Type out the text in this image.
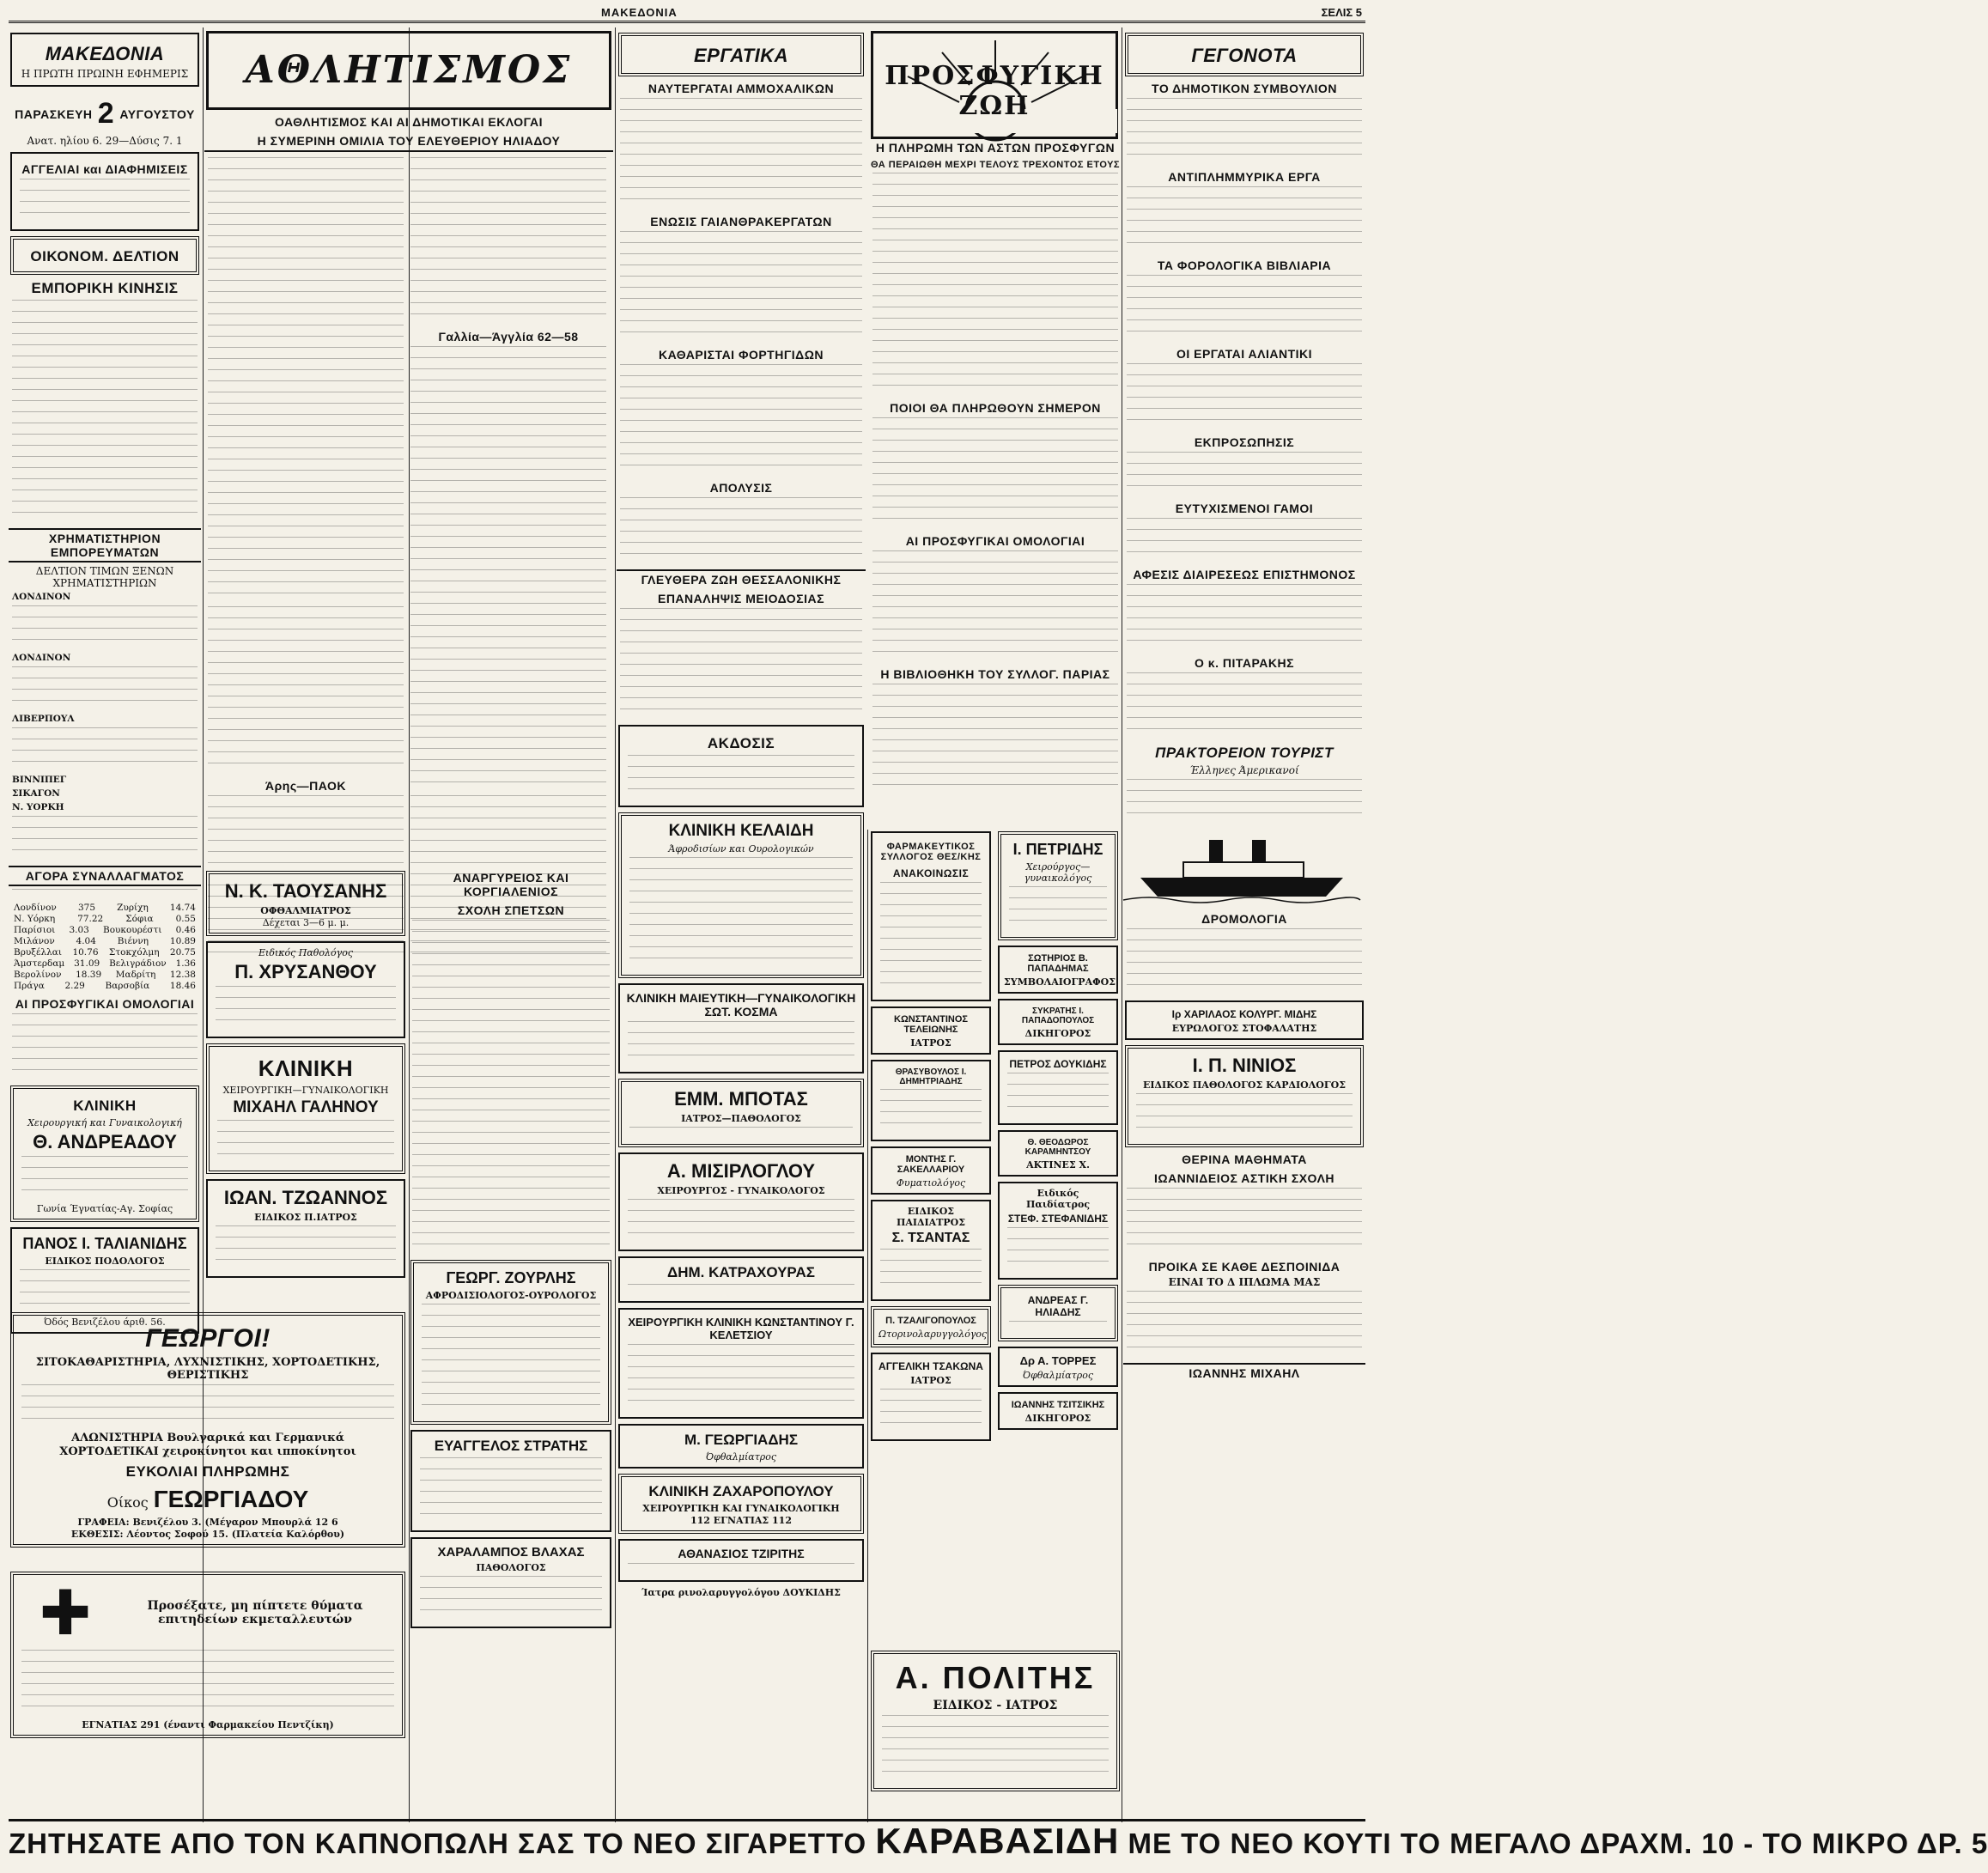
ΜΑΚΕΔΟΝΙΑ	ΣΕΛΙΣ 5
ΜΑΚΕΔΟΝΙΑ
Η ΠΡΩΤΗ ΠΡΩΙΝΗ ΕΦΗΜΕΡΙΣ
ΠΑΡΑΣΚΕΥΗ 2 ΑΥΓΟΥΣΤΟΥ
Ανατ. ηλίου 6. 29—Δύσις 7. 1
ΑΓΓΕΛΙΑΙ και ΔΙΑΦΗΜΙΣΕΙΣ
ΟΙΚΟΝΟΜ. ΔΕΛΤΙΟΝ
ΕΜΠΟΡΙΚΗ ΚΙΝΗΣΙΣ
ΧΡΗΜΑΤΙΣΤΗΡΙΟΝ ΕΜΠΟΡΕΥΜΑΤΩΝ
ΔΕΛΤΙΟΝ ΤΙΜΩΝ ΞΕΝΩΝ ΧΡΗΜΑΤΙΣΤΗΡΙΩΝ
ΛΟΝΔΙΝΟΝ
ΛΟΝΔΙΝΟΝ
ΛΙΒΕΡΠΟΥΛ
ΒΙΝΝΙΠΕΓ
ΣΙΚΑΓΟΝ
Ν. ΥΟΡΚΗ
ΑΓΟΡΑ ΣΥΝΑΛΛΑΓΜΑΤΟΣ
Λονδίνον 375 Ζυρίχη 14.74
Ν. Υόρκη 77.22 Σόφια 0.55
Παρίσιοι 3.03 Βουκουρέστι 0.46
Μιλάνον 4.04 Βιέννη 10.89
Βρυξέλλαι 10.76 Στοκχόλμη 20.75
Άμστερδαμ 31.09 Βελιγράδιον 1.36
Βερολίνον 18.39 Μαδρίτη 12.38
Πράγα 2.29 Βαρσοβία 18.46
ΑΙ ΠΡΟΣΦΥΓΙΚΑΙ ΟΜΟΛΟΓΙΑΙ
ΚΛΙΝΙΚΗ
Χειρουργική και Γυναικολογική
Θ. ΑΝΔΡΕΑΔΟΥ
Γωνία Έγνατίας-Αγ. Σοφίας
ΠΑΝΟΣ Ι. ΤΑΛΙΑΝΙΔΗΣ
ΕΙΔΙΚΟΣ ΠΟΔΟΛΟΓΟΣ
Όδός Βενιζέλου άριθ. 56.
ΑΘΛΗΤΙΣΜΟΣ
ΟΑΘΛΗΤΙΣΜΟΣ ΚΑΙ ΑΙ ΔΗΜΟΤΙΚΑΙ ΕΚΛΟΓΑΙ
Η ΣΥΜΕΡΙΝΗ ΟΜΙΛΙΑ ΤΟΥ ΕΛΕΥΘΕΡΙΟΥ ΗΛΙΑΔΟΥ
Άρης—ΠΑΟΚ
Γαλλία—Άγγλία 62—58
Ν. Κ. ΤΑΟΥΣΑΝΗΣ
ΟΦΘΑΛΜΙΑΤΡΟΣ
Δέχεται 3—6 μ. μ.
Ειδικός Παθολόγος
Π. ΧΡΥΣΑΝΘΟΥ
ΚΛΙΝΙΚΗ
ΧΕΙΡΟΥΡΓΙΚΗ—ΓΥΝΑΙΚΟΛΟΓΙΚΗ
ΜΙΧΑΗΛ ΓΑΛΗΝΟΥ
ΙΩΑΝ. ΤΖΩΑΝΝΟΣ
ΕΙΔΙΚΟΣ Π.ΙΑΤΡΟΣ
ΑΝΑΡΓΥΡΕΙΟΣ ΚΑΙ ΚΟΡΓΙΑΛΕΝΙΟΣ
ΣΧΟΛΗ ΣΠΕΤΣΩΝ
ΓΕΩΡΓ. ΖΟΥΡΛΗΣ
ΑΦΡΟΔΙΣΙΟΛΟΓΟΣ-ΟΥΡΟΛΟΓΟΣ
ΕΥΑΓΓΕΛΟΣ ΣΤΡΑΤΗΣ
ΧΑΡΑΛΑΜΠΟΣ ΒΛΑΧΑΣ
ΠΑΘΟΛΟΓΟΣ
ΓΕΩΡΓΟΙ!
ΣΙΤΟΚΑΘΑΡΙΣΤΗΡΙΑ, ΛΥΧΝΙΣΤΙΚΗΣ, ΧΟΡΤΟΔΕΤΙΚΗΣ, ΘΕΡΙΣΤΙΚΗΣ
ΑΛΩΝΙΣΤΗΡΙΑ Βουλγαρικά και Γερμανικά
ΧΟΡΤΟΔΕΤΙΚΑΙ χειροκίνητοι και ιπποκίνητοι
ΕΥΚΟΛΙΑΙ ΠΛΗΡΩΜΗΣ
Οίκος ΓΕΩΡΓΙΑΔΟΥ
ΓΡΑΦΕΙΑ: Βενιζέλου 3. (Μέγαρον Μπουρλά 12 6
ΕΚΘΕΣΙΣ: Λέοντος Σοφού 15. (Πλατεία Καλόρθου)
✚	Προσέξατε, μη πίπτετε θύματα επιτηδείων εκμεταλλευτών
ΕΓΝΑΤΙΑΣ 291 (έναντι Φαρμακείου Πεντζίκη)
ΕΡΓΑΤΙΚΑ
ΝΑΥΤΕΡΓΑΤΑΙ ΑΜΜΟΧΑΛΙΚΩΝ
ΕΝΩΣΙΣ ΓΑΙΑΝΘΡΑΚΕΡΓΑΤΩΝ
ΚΑΘΑΡΙΣΤΑΙ ΦΟΡΤΗΓΙΔΩΝ
ΑΠΟΛΥΣΙΣ
ΓΛΕΥΘΕΡΑ ΖΩΗ ΘΕΣΣΑΛΟΝΙΚΗΣ
ΕΠΑΝΑΛΗΨΙΣ ΜΕΙΟΔΟΣΙΑΣ
ΑΚΔΟΣΙΣ
ΚΛΙΝΙΚΗ ΚΕΛΑΙΔΗ
Άφροδισίων και Ουρολογικών
ΚΛΙΝΙΚΗ ΜΑΙΕΥΤΙΚΗ—ΓΥΝΑΙΚΟΛΟΓΙΚΗ ΣΩΤ. ΚΟΣΜΑ
ΕΜΜ. ΜΠΟΤΑΣ
ΙΑΤΡΟΣ—ΠΑΘΟΛΟΓΟΣ
Α. ΜΙΣΙΡΛΟΓΛΟΥ
ΧΕΙΡΟΥΡΓΟΣ - ΓΥΝΑΙΚΟΛΟΓΟΣ
ΔΗΜ. ΚΑΤΡΑΧΟΥΡΑΣ
ΧΕΙΡΟΥΡΓΙΚΗ ΚΛΙΝΙΚΗ ΚΩΝΣΤΑΝΤΙΝΟΥ Γ. ΚΕΛΕΤΣΙΟΥ
Μ. ΓΕΩΡΓΙΑΔΗΣ
Όφθαλμίατρος
ΚΛΙΝΙΚΗ ΖΑΧΑΡΟΠΟΥΛΟΥ
ΧΕΙΡΟΥΡΓΙΚΗ ΚΑΙ ΓΥΝΑΙΚΟΛΟΓΙΚΗ
112 ΕΓΝΑΤΙΑΣ 112
ΑΘΑΝΑΣΙΟΣ ΤΖΙΡΙΤΗΣ
Ίατρα ρινολαρυγγολόγου ΔΟΥΚΙΔΗΣ
ΠΡΟΣΦΥΓΙΚΗ ΖΩΗ
Η ΠΛΗΡΩΜΗ ΤΩΝ ΑΣΤΩΝ ΠΡΟΣΦΥΓΩΝ
ΘΑ ΠΕΡΑΙΩΘΗ ΜΕΧΡΙ ΤΕΛΟΥΣ ΤΡΕΧΟΝΤΟΣ ΕΤΟΥΣ
ΠΟΙΟΙ ΘΑ ΠΛΗΡΩΘΟΥΝ ΣΗΜΕΡΟΝ
ΑΙ ΠΡΟΣΦΥΓΙΚΑΙ ΟΜΟΛΟΓΙΑΙ
Η ΒΙΒΛΙΟΘΗΚΗ ΤΟΥ ΣΥΛΛΟΓ. ΠΑΡΙΑΣ
ΦΑΡΜΑΚΕΥΤΙΚΟΣ ΣΥΛΛΟΓΟΣ ΘΕΣ/ΚΗΣ
ΑΝΑΚΟΙΝΩΣΙΣ
ΚΩΝΣΤΑΝΤΙΝΟΣ ΤΕΛΕΙΩΝΗΣ
ΙΑΤΡΟΣ
ΘΡΑΣΥΒΟΥΛΟΣ Ι. ΔΗΜΗΤΡΙΑΔΗΣ
ΜΟΝΤΗΣ Γ. ΣΑΚΕΛΛΑΡΙΟΥ
Φυματιολόγος
ΕΙΔΙΚΟΣ ΠΑΙΔΙΑΤΡΟΣ
Σ. ΤΣΑΝΤΑΣ
Π. ΤΖΑΛΙΓΟΠΟΥΛΟΣ
Ωτορινολαρυγγολόγος
ΑΓΓΕΛΙΚΗ ΤΣΑΚΩΝΑ
ΙΑΤΡΟΣ
Ι. ΠΕΤΡΙΔΗΣ
Χειρούργος—γυναικολόγος
ΣΩΤΗΡΙΟΣ Β. ΠΑΠΑΔΗΜΑΣ
ΣΥΜΒΟΛΑΙΟΓΡΑΦΟΣ
ΣΥΚΡΑΤΗΣ Ι. ΠΑΠΑΔΟΠΟΥΛΟΣ
ΔΙΚΗΓΟΡΟΣ
ΠΕΤΡΟΣ ΔΟΥΚΙΔΗΣ
Θ. ΘΕΟΔΩΡΟΣ ΚΑΡΑΜΗΝΤΣΟΥ
ΑΚΤΙΝΕΣ Χ.
Ειδικός Παιδίατρος
ΣΤΕΦ. ΣΤΕΦΑΝΙΔΗΣ
ΑΝΔΡΕΑΣ Γ. ΗΛΙΑΔΗΣ
Δρ Α. ΤΟΡΡΕΣ
Όφθαλμίατρος
ΙΩΑΝΝΗΣ ΤΣΙΤΣΙΚΗΣ
ΔΙΚΗΓΟΡΟΣ
Α. ΠΟΛΙΤΗΣ
ΕΙΔΙΚΟΣ - ΙΑΤΡΟΣ
ΓΕΓΟΝΟΤΑ
ΤΟ ΔΗΜΟΤΙΚΟΝ ΣΥΜΒΟΥΛΙΟΝ
ΑΝΤΙΠΛΗΜΜΥΡΙΚΑ ΕΡΓΑ
ΤΑ ΦΟΡΟΛΟΓΙΚΑ ΒΙΒΛΙΑΡΙΑ
ΟΙ ΕΡΓΑΤΑΙ ΑΛΙΑΝΤΙΚΙ
ΕΚΠΡΟΣΩΠΗΣΙΣ
ΕΥΤΥΧΙΣΜΕΝΟΙ ΓΑΜΟΙ
ΑΦΕΣΙΣ ΔΙΑΙΡΕΣΕΩΣ ΕΠΙΣΤΗΜΟΝΟΣ
Ο κ. ΠΙΤΑΡΑΚΗΣ
ΠΡΑΚΤΟΡΕΙΟΝ ΤΟΥΡΙΣΤ
Έλληνες Άμερικανοί
ΔΡΟΜΟΛΟΓΙΑ
Ιρ ΧΑΡΙΛΑΟΣ ΚΟΛΥΡΓ. ΜΙΔΗΣ
ΕΥΡΩΛΟΓΟΣ ΣΤΟΦΑΛΑΤΗΣ
Ι. Π. ΝΙΝΙΟΣ
ΕΙΔΙΚΟΣ ΠΑΘΟΛΟΓΟΣ ΚΑΡΔΙΟΛΟΓΟΣ
ΘΕΡΙΝΑ ΜΑΘΗΜΑΤΑ
ΙΩΑΝΝΙΔΕΙΟΣ ΑΣΤΙΚΗ ΣΧΟΛΗ
ΠΡΟΙΚΑ ΣΕ ΚΑΘΕ ΔΕΣΠΟΙΝΙΔΑ
ΕΙΝΑΙ ΤΟ Δ ΙΠΛΩΜΑ ΜΑΣ
ΙΩΑΝΝΗΣ ΜΙΧΑΗΛ
ΖΗΤΗΣΑΤΕ ΑΠΟ ΤΟΝ ΚΑΠΝΟΠΩΛΗ ΣΑΣ ΤΟ ΝΕΟ ΣΙΓΑΡΕΤΤΟ ΚΑΡΑΒΑΣΙΔΗ ΜΕ ΤΟ ΝΕΟ ΚΟΥΤΙ ΤΟ ΜΕΓΑΛΟ ΔΡΑΧΜ. 10 - ΤΟ ΜΙΚΡΟ ΔΡ. 5
